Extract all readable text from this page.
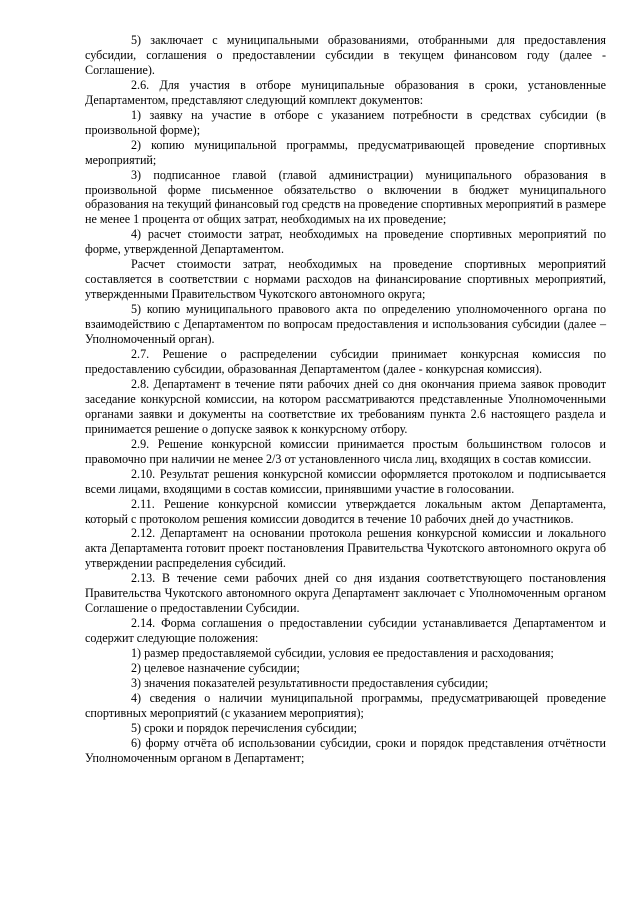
5) заключает с муниципальными образованиями, отобранными для предоставления субсидии, соглашения о предоставлении субсидии в текущем финансовом году (далее - Соглашение).

2.6. Для участия в отборе муниципальные образования в сроки, установленные Департаментом, представляют следующий комплект документов:

1) заявку на участие в отборе с указанием потребности в средствах субсидии (в произвольной форме);

2) копию муниципальной программы, предусматривающей проведение спортивных мероприятий;

3) подписанное главой (главой администрации) муниципального образования в произвольной форме письменное обязательство о включении в бюджет муниципального образования на текущий финансовый год средств на проведение спортивных мероприятий в размере не менее 1 процента от общих затрат, необходимых на их проведение;

4) расчет стоимости затрат, необходимых на проведение спортивных мероприятий по форме, утвержденной Департаментом.

Расчет стоимости затрат, необходимых на проведение спортивных мероприятий составляется в соответствии с нормами расходов на финансирование спортивных мероприятий, утвержденными Правительством Чукотского автономного округа;

5) копию муниципального правового акта по определению уполномоченного органа по взаимодействию с Департаментом по вопросам предоставления и использования субсидии (далее – Уполномоченный орган).

2.7. Решение о распределении субсидии принимает конкурсная комиссия по предоставлению субсидии, образованная Департаментом (далее - конкурсная комиссия).

2.8. Департамент в течение пяти рабочих дней со дня окончания приема заявок проводит заседание конкурсной комиссии, на котором рассматриваются представленные Уполномоченными органами заявки и документы на соответствие их требованиям пункта 2.6 настоящего раздела и принимается решение о допуске заявок к конкурсному отбору.

2.9. Решение конкурсной комиссии принимается простым большинством голосов и правомочно при наличии не менее 2/3 от установленного числа лиц, входящих в состав комиссии.

2.10. Результат решения конкурсной комиссии оформляется протоколом и подписывается всеми лицами, входящими в состав комиссии, принявшими участие в голосовании.

2.11. Решение конкурсной комиссии утверждается локальным актом Департамента, который с протоколом решения комиссии доводится в течение 10 рабочих дней до участников.

2.12. Департамент на основании протокола решения конкурсной комиссии и локального акта Департамента готовит проект постановления Правительства Чукотского автономного округа об утверждении распределения субсидий.

2.13. В течение семи рабочих дней со дня издания соответствующего постановления Правительства Чукотского автономного округа Департамент заключает с Уполномоченным органом Соглашение о предоставлении Субсидии.

2.14. Форма соглашения о предоставлении субсидии устанавливается Департаментом и содержит следующие положения:

1) размер предоставляемой субсидии, условия ее предоставления и расходования;

2) целевое назначение субсидии;

3) значения показателей результативности предоставления субсидии;

4) сведения о наличии муниципальной программы, предусматривающей проведение спортивных мероприятий (с указанием мероприятия);

5) сроки и порядок перечисления субсидии;

6) форму отчёта об использовании субсидии, сроки и порядок представления отчётности Уполномоченным органом в Департамент;
